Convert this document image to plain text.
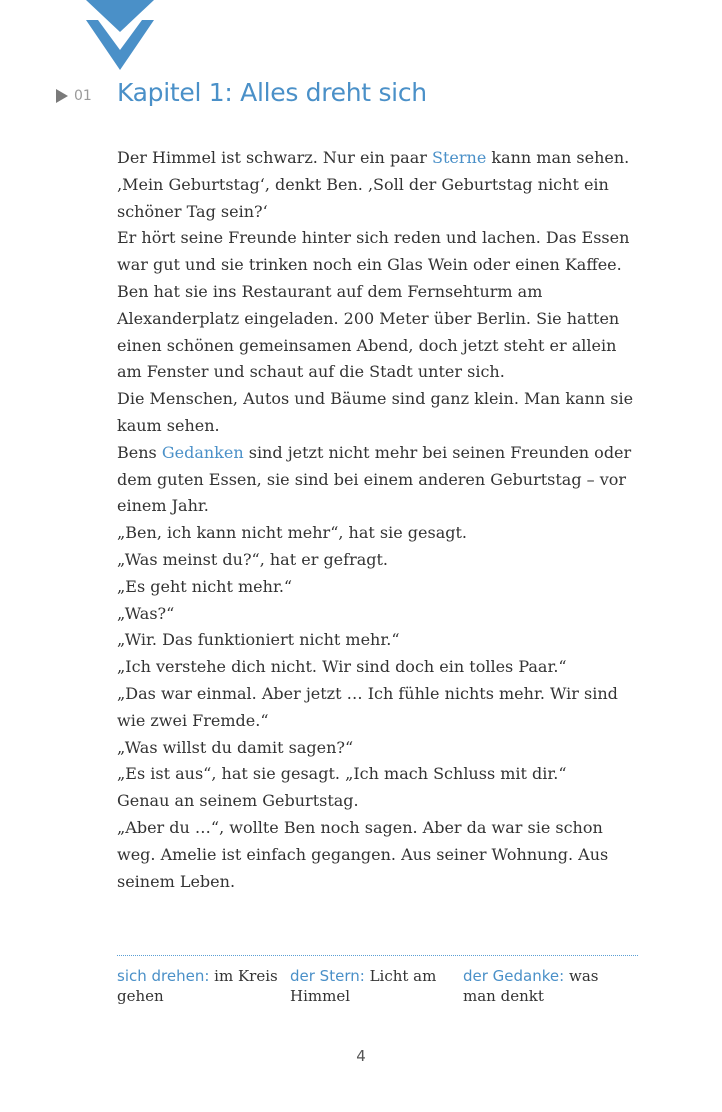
01 Kapitel 1: Alles dreht sich

Der Himmel ist schwarz. Nur ein paar Sterne kann man sehen. ‚Mein Geburtstag‘, denkt Ben. ‚Soll der Geburtstag nicht ein schöner Tag sein?‘

Er hört seine Freunde hinter sich reden und lachen. Das Essen war gut und sie trinken noch ein Glas Wein oder einen Kaffee. Ben hat sie ins Restaurant auf dem Fernsehturm am Alexanderplatz eingeladen. 200 Meter über Berlin. Sie hatten einen schönen gemeinsamen Abend, doch jetzt steht er allein am Fenster und schaut auf die Stadt unter sich.

Die Menschen, Autos und Bäume sind ganz klein. Man kann sie kaum sehen.

Bens Gedanken sind jetzt nicht mehr bei seinen Freunden oder dem guten Essen, sie sind bei einem anderen Geburtstag – vor einem Jahr.

„Ben, ich kann nicht mehr“, hat sie gesagt.

„Was meinst du?“, hat er gefragt.

„Es geht nicht mehr.“

„Was?“

„Wir. Das funktioniert nicht mehr.“

„Ich verstehe dich nicht. Wir sind doch ein tolles Paar.“

„Das war einmal. Aber jetzt … Ich fühle nichts mehr. Wir sind wie zwei Fremde.“

„Was willst du damit sagen?“

„Es ist aus“, hat sie gesagt. „Ich mach Schluss mit dir.“

Genau an seinem Geburtstag.

„Aber du …“, wollte Ben noch sagen. Aber da war sie schon weg. Amelie ist einfach gegangen. Aus seiner Wohnung. Aus seinem Leben.

sich drehen: im Kreis gehen
der Stern: Licht am Himmel
der Gedanke: was man denkt
4
